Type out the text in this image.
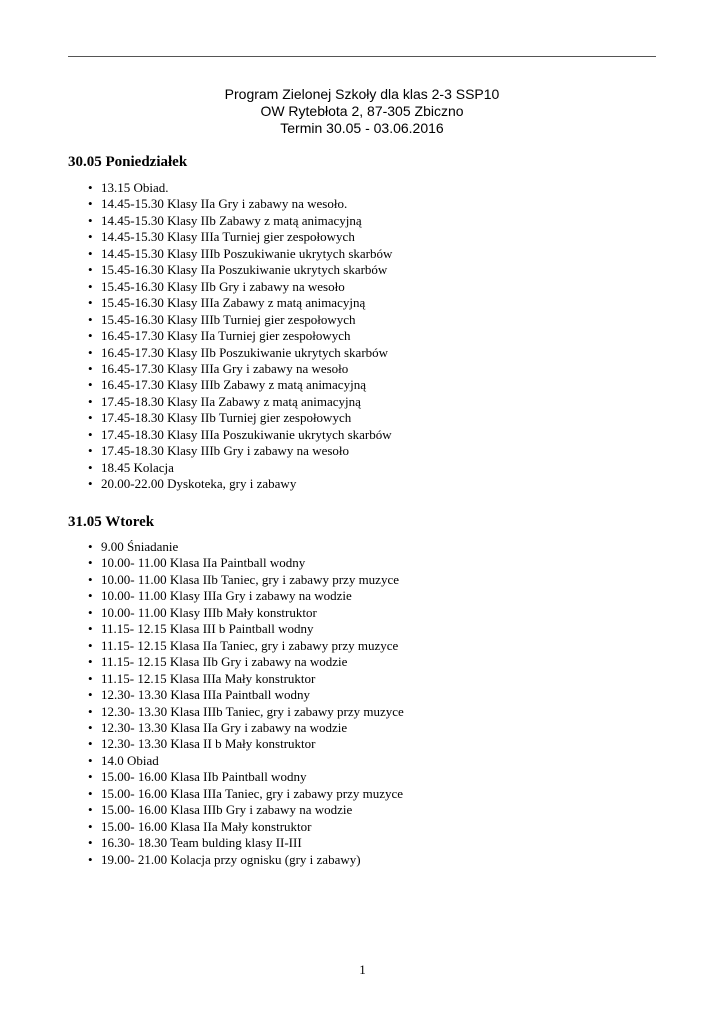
Program Zielonej Szkoły dla klas 2-3 SSP10
OW Rytebłota 2, 87-305 Zbiczno
Termin 30.05 - 03.06.2016
30.05 Poniedziałek
• 13.15 Obiad.
• 14.45-15.30 Klasy IIa Gry i zabawy na wesoło.
• 14.45-15.30 Klasy IIb Zabawy z matą animacyjną
• 14.45-15.30 Klasy IIIa Turniej gier zespołowych
• 14.45-15.30 Klasy IIIb Poszukiwanie ukrytych skarbów
• 15.45-16.30 Klasy IIa Poszukiwanie ukrytych skarbów
• 15.45-16.30 Klasy IIb Gry i zabawy na wesoło
• 15.45-16.30 Klasy IIIa Zabawy z matą animacyjną
• 15.45-16.30 Klasy IIIb Turniej gier zespołowych
• 16.45-17.30 Klasy IIa Turniej gier zespołowych
• 16.45-17.30 Klasy IIb Poszukiwanie ukrytych skarbów
• 16.45-17.30 Klasy IIIa Gry i zabawy na wesoło
• 16.45-17.30 Klasy IIIb Zabawy z matą animacyjną
• 17.45-18.30 Klasy IIa Zabawy z matą animacyjną
• 17.45-18.30 Klasy IIb Turniej gier zespołowych
• 17.45-18.30 Klasy IIIa Poszukiwanie ukrytych skarbów
• 17.45-18.30 Klasy IIIb Gry i zabawy na wesoło
• 18.45 Kolacja
• 20.00-22.00 Dyskoteka, gry i zabawy
31.05 Wtorek
• 9.00 Śniadanie
• 10.00- 11.00 Klasa IIa Paintball wodny
• 10.00- 11.00 Klasa IIb Taniec, gry i zabawy przy muzyce
• 10.00- 11.00 Klasy IIIa Gry i zabawy na wodzie
• 10.00- 11.00 Klasy IIIb Mały konstruktor
• 11.15- 12.15 Klasa III b Paintball wodny
• 11.15- 12.15 Klasa IIa Taniec, gry i zabawy przy muzyce
• 11.15- 12.15 Klasa IIb Gry i zabawy na wodzie
• 11.15- 12.15 Klasa IIIa Mały konstruktor
• 12.30- 13.30 Klasa IIIa Paintball wodny
• 12.30- 13.30 Klasa IIIb Taniec, gry i zabawy przy muzyce
• 12.30- 13.30 Klasa IIa Gry i zabawy na wodzie
• 12.30- 13.30 Klasa II b Mały konstruktor
• 14.0 Obiad
• 15.00- 16.00 Klasa IIb Paintball wodny
• 15.00- 16.00 Klasa IIIa Taniec, gry i zabawy przy muzyce
• 15.00- 16.00 Klasa IIIb Gry i zabawy na wodzie
• 15.00- 16.00 Klasa IIa Mały konstruktor
• 16.30- 18.30 Team bulding klasy II-III
• 19.00- 21.00 Kolacja przy ognisku (gry i zabawy)
1
